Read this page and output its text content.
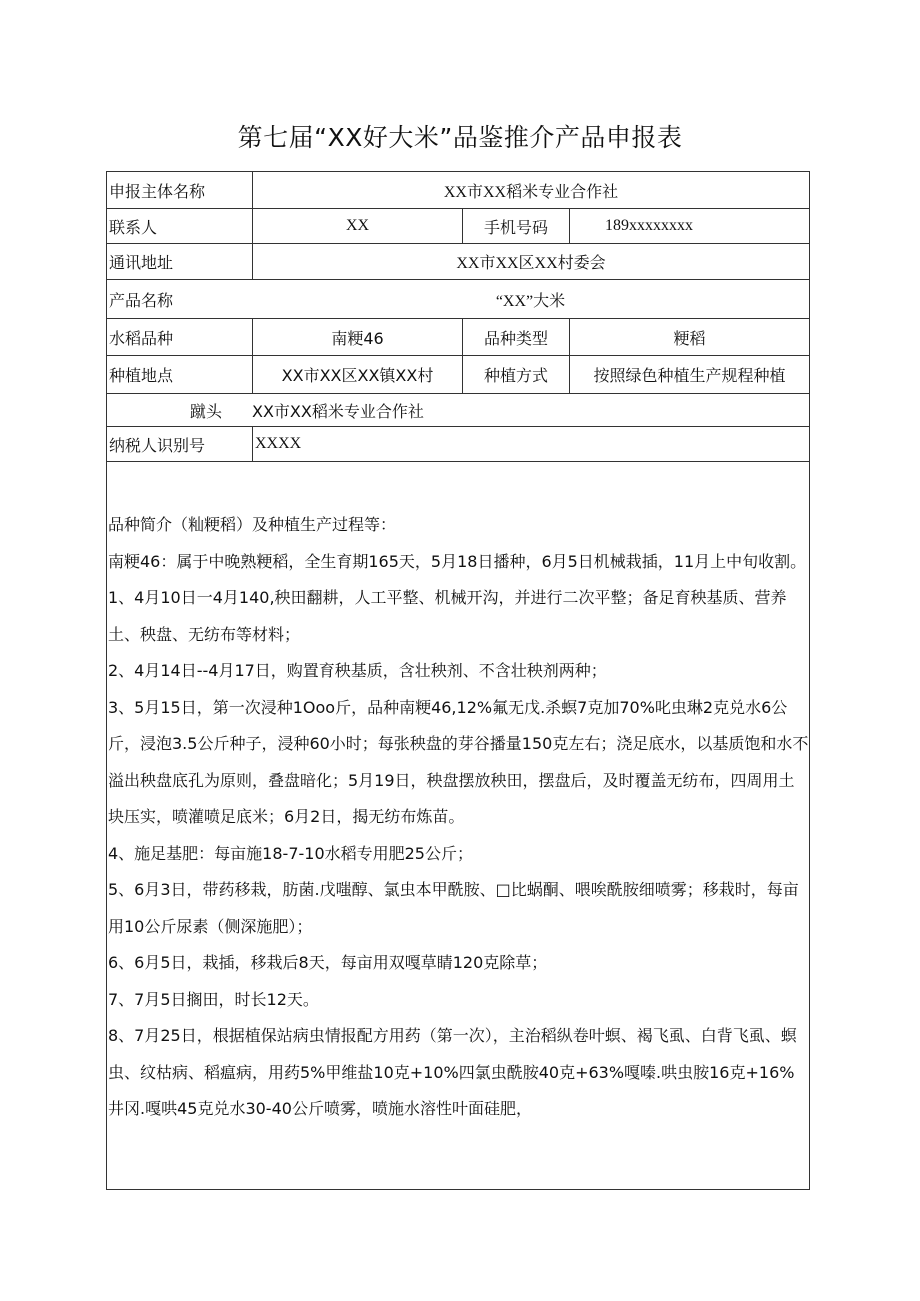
第七届“XX好大米”品鉴推介产品申报表
申报主体名称	XX市XX稻米专业合作社
联系人	XX	手机号码	189xxxxxxxx
通讯地址	XX市XX区XX村委会
产品名称	“XX”大米
水稻品种	南粳46	品种类型	粳稻
种植地点	XX市XX区XX镇XX村	种植方式	按照绿色种植生产规程种植
蹴头	XX市XX稻米专业合作社
纳税人识别号	XXXX

品种简介（籼粳稻）及种植生产过程等：

南粳46：属于中晚熟粳稻，全生育期165天，5月18日播种，6月5日机械栽插，11月上中旬收割。

1、4月10日一4月140,秧田翻耕，人工平整、机械开沟，并进行二次平整；备足育秧基质、营养土、秧盘、无纺布等材料；

2、4月14日--4月17日，购置育秧基质，含壮秧剂、不含壮秧剂两种；

3、5月15日，第一次浸种1Ooo斤，品种南粳46,12%氟无戊.杀螟7克加70%叱虫琳2克兑水6公斤，浸泡3.5公斤种子，浸种60小时；每张秧盘的芽谷播量150克左右；浇足底水，以基质饱和水不溢出秧盘底孔为原则，叠盘暗化；5月19日，秧盘摆放秧田，摆盘后，及时覆盖无纺布，四周用土块压实，喷灌喷足底米；6月2日，揭无纺布炼苗。

4、施足基肥：每亩施18-7-10水稻专用肥25公斤；

5、6月3日，带药移栽，肪菌.戊嗤醇、氯虫本甲酰胺、□比蜗酮、喂唉酰胺细喷雾；移栽时，每亩用10公斤尿素（侧深施肥）；

6、6月5日，栽插，移栽后8天，每亩用双嘎草睛120克除草；

7、7月5日搁田，时长12天。

8、7月25日，根据植保站病虫情报配方用药（第一次），主治稻纵卷叶螟、褐飞虱、白背飞虱、螟虫、纹枯病、稻瘟病，用药5%甲维盐10克+10%四氯虫酰胺40克+63%嘎嗪.哄虫胺16克+16%井冈.嘎哄45克兑水30-40公斤喷雾，喷施水溶性叶面硅肥，
